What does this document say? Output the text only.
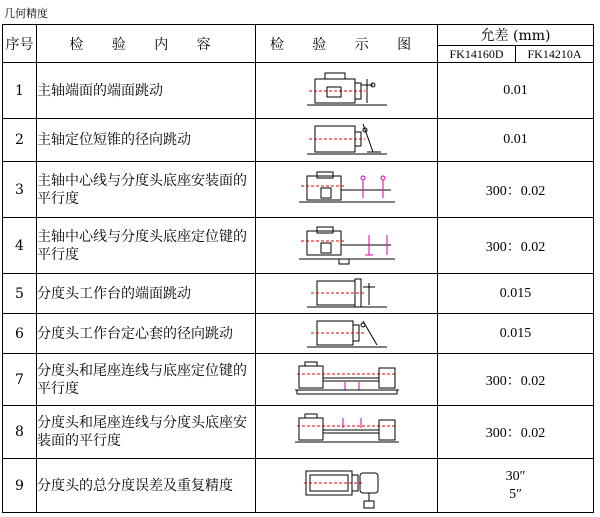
几何精度
序号	检 验 内 容	检 验 示 图	允差 (mm)	
			FK14160D	FK14210A
1	主轴端面的端面跳动		0.01	
2	主轴定位短锥的径向跳动		0.01	
3	主轴中心线与分度头底座安装面的平行度		300：0.02	
4	主轴中心线与分度头底座定位键的平行度		300：0.02	
5	分度头工作台的端面跳动		0.015	
6	分度头工作台定心套的径向跳动		0.015	
7	分度头和尾座连线与底座定位键的平行度		300：0.02	
8	分度头和尾座连线与分度头底座安装面的平行度		300：0.02	
9	分度头的总分度误差及重复精度		30″
5″	
